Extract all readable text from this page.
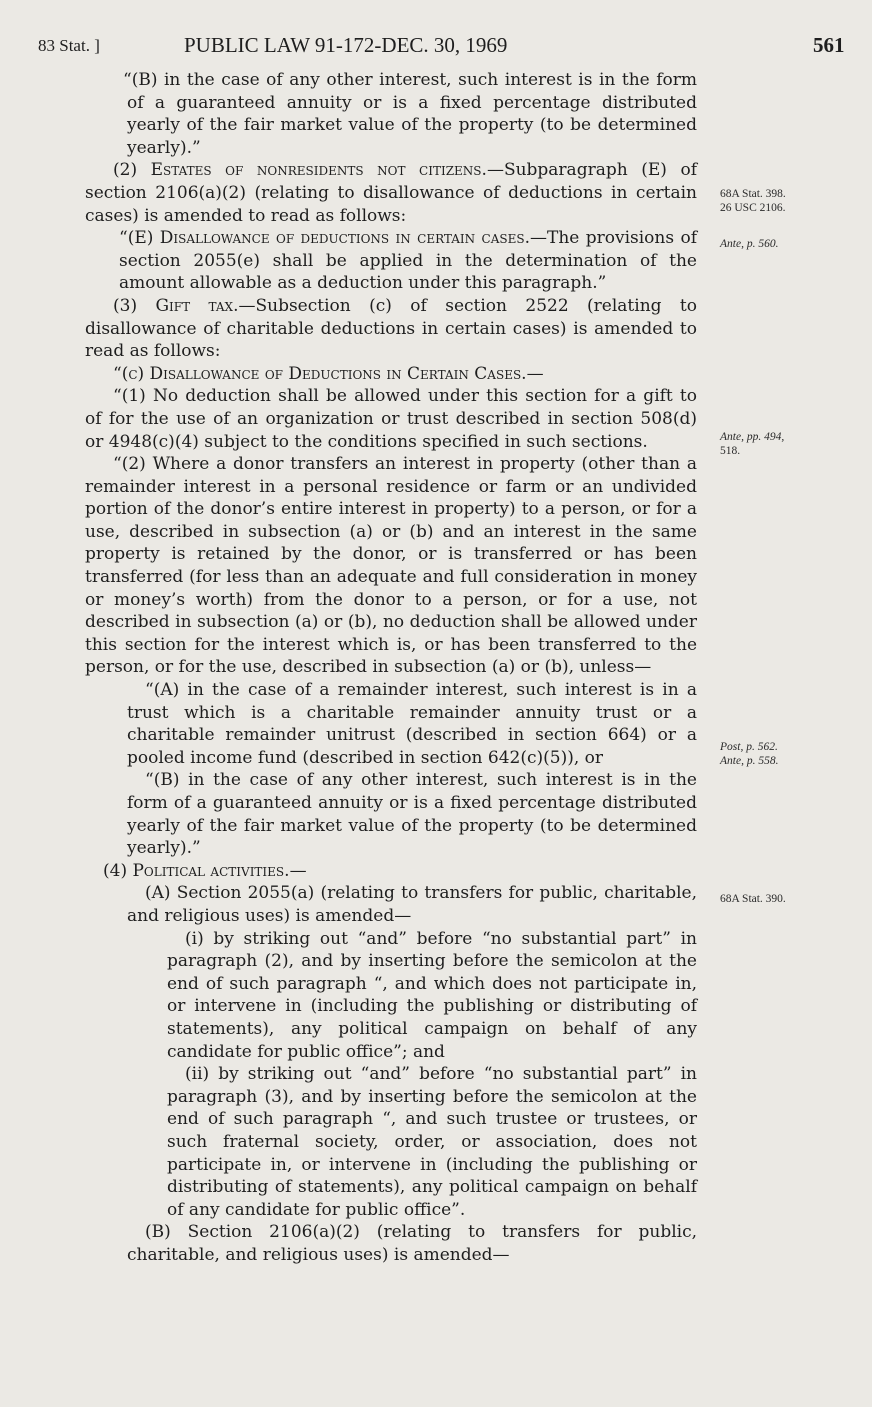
83 Stat. ]	PUBLIC LAW 91-172-DEC. 30, 1969	561

“(B) in the case of any other interest, such interest is in the form of a guaranteed annuity or is a fixed percentage distributed yearly of the fair market value of the property (to be determined yearly).”

(2) Estates of nonresidents not citizens.—Subparagraph (E) of section 2106(a)(2) (relating to disallowance of deductions in certain cases) is amended to read as follows:

“(E) Disallowance of deductions in certain cases.—The provisions of section 2055(e) shall be applied in the determination of the amount allowable as a deduction under this paragraph.”

(3) Gift tax.—Subsection (c) of section 2522 (relating to disallowance of charitable deductions in certain cases) is amended to read as follows:

“(c) Disallowance of Deductions in Certain Cases.—

“(1) No deduction shall be allowed under this section for a gift to of for the use of an organization or trust described in section 508(d) or 4948(c)(4) subject to the conditions specified in such sections.

“(2) Where a donor transfers an interest in property (other than a remainder interest in a personal residence or farm or an undivided portion of the donor’s entire interest in property) to a person, or for a use, described in subsection (a) or (b) and an interest in the same property is retained by the donor, or is transferred or has been transferred (for less than an adequate and full consideration in money or money’s worth) from the donor to a person, or for a use, not described in subsection (a) or (b), no deduction shall be allowed under this section for the interest which is, or has been transferred to the person, or for the use, described in subsection (a) or (b), unless—

“(A) in the case of a remainder interest, such interest is in a trust which is a charitable remainder annuity trust or a charitable remainder unitrust (described in section 664) or a pooled income fund (described in section 642(c)(5)), or

“(B) in the case of any other interest, such interest is in the form of a guaranteed annuity or is a fixed percentage distributed yearly of the fair market value of the property (to be determined yearly).”

(4) Political activities.—

(A) Section 2055(a) (relating to transfers for public, charitable, and religious uses) is amended—

(i) by striking out “and” before “no substantial part” in paragraph (2), and by inserting before the semicolon at the end of such paragraph “, and which does not participate in, or intervene in (including the publishing or distributing of statements), any political campaign on behalf of any candidate for public office”; and

(ii) by striking out “and” before “no substantial part” in paragraph (3), and by inserting before the semicolon at the end of such paragraph “, and such trustee or trustees, or such fraternal society, order, or association, does not participate in, or intervene in (including the publishing or distributing of statements), any political campaign on behalf of any candidate for public office”.

(B) Section 2106(a)(2) (relating to transfers for public, charitable, and religious uses) is amended—

68A Stat. 398.
26 USC 2106.
Ante, p. 560.
Ante, pp. 494,
518.
Post, p. 562.
Ante, p. 558.
68A Stat. 390.
